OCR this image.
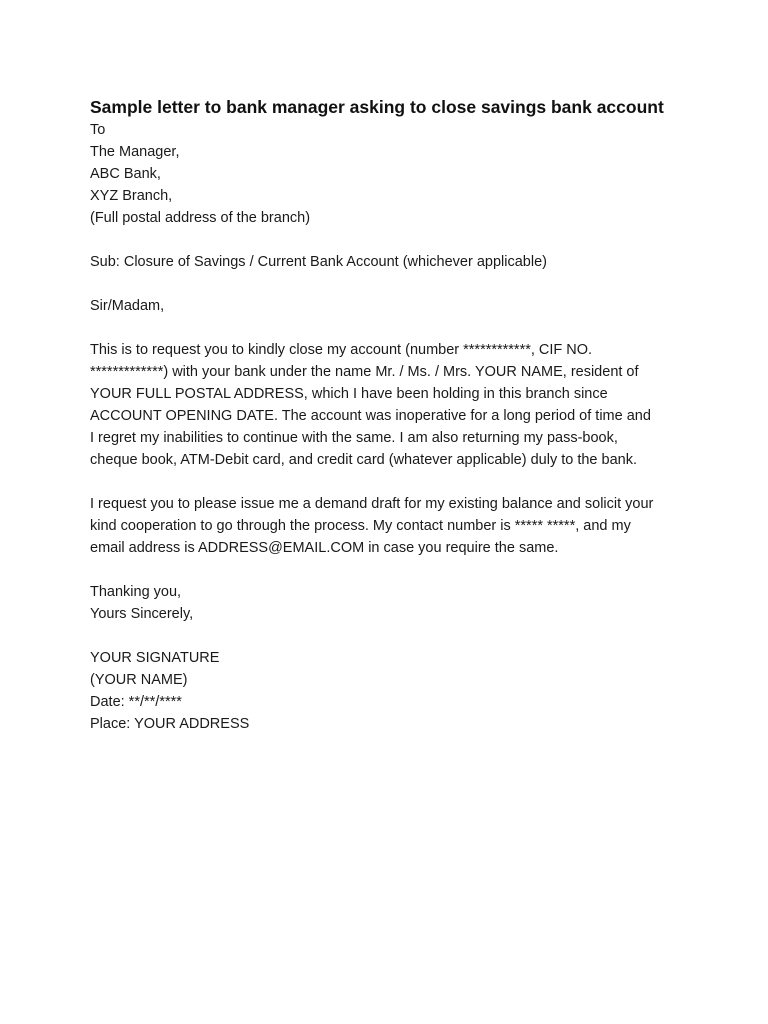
Sample letter to bank manager asking to close savings bank account

To

The Manager,

ABC Bank,

XYZ Branch,

(Full postal address of the branch)

Sub: Closure of Savings / Current Bank Account (whichever applicable)

Sir/Madam,

This is to request you to kindly close my account (number ************, CIF NO.

*************) with your bank under the name Mr. / Ms. / Mrs. YOUR NAME, resident of

YOUR FULL POSTAL ADDRESS, which I have been holding in this branch since

ACCOUNT OPENING DATE. The account was inoperative for a long period of time and

I regret my inabilities to continue with the same. I am also returning my pass-book,

cheque book, ATM-Debit card, and credit card (whatever applicable) duly to the bank.

I request you to please issue me a demand draft for my existing balance and solicit your

kind cooperation to go through the process. My contact number is ***** *****, and my

email address is ADDRESS@EMAIL.COM in case you require the same.

Thanking you,

Yours Sincerely,

YOUR SIGNATURE

(YOUR NAME)

Date: **/**/****

Place: YOUR ADDRESS
